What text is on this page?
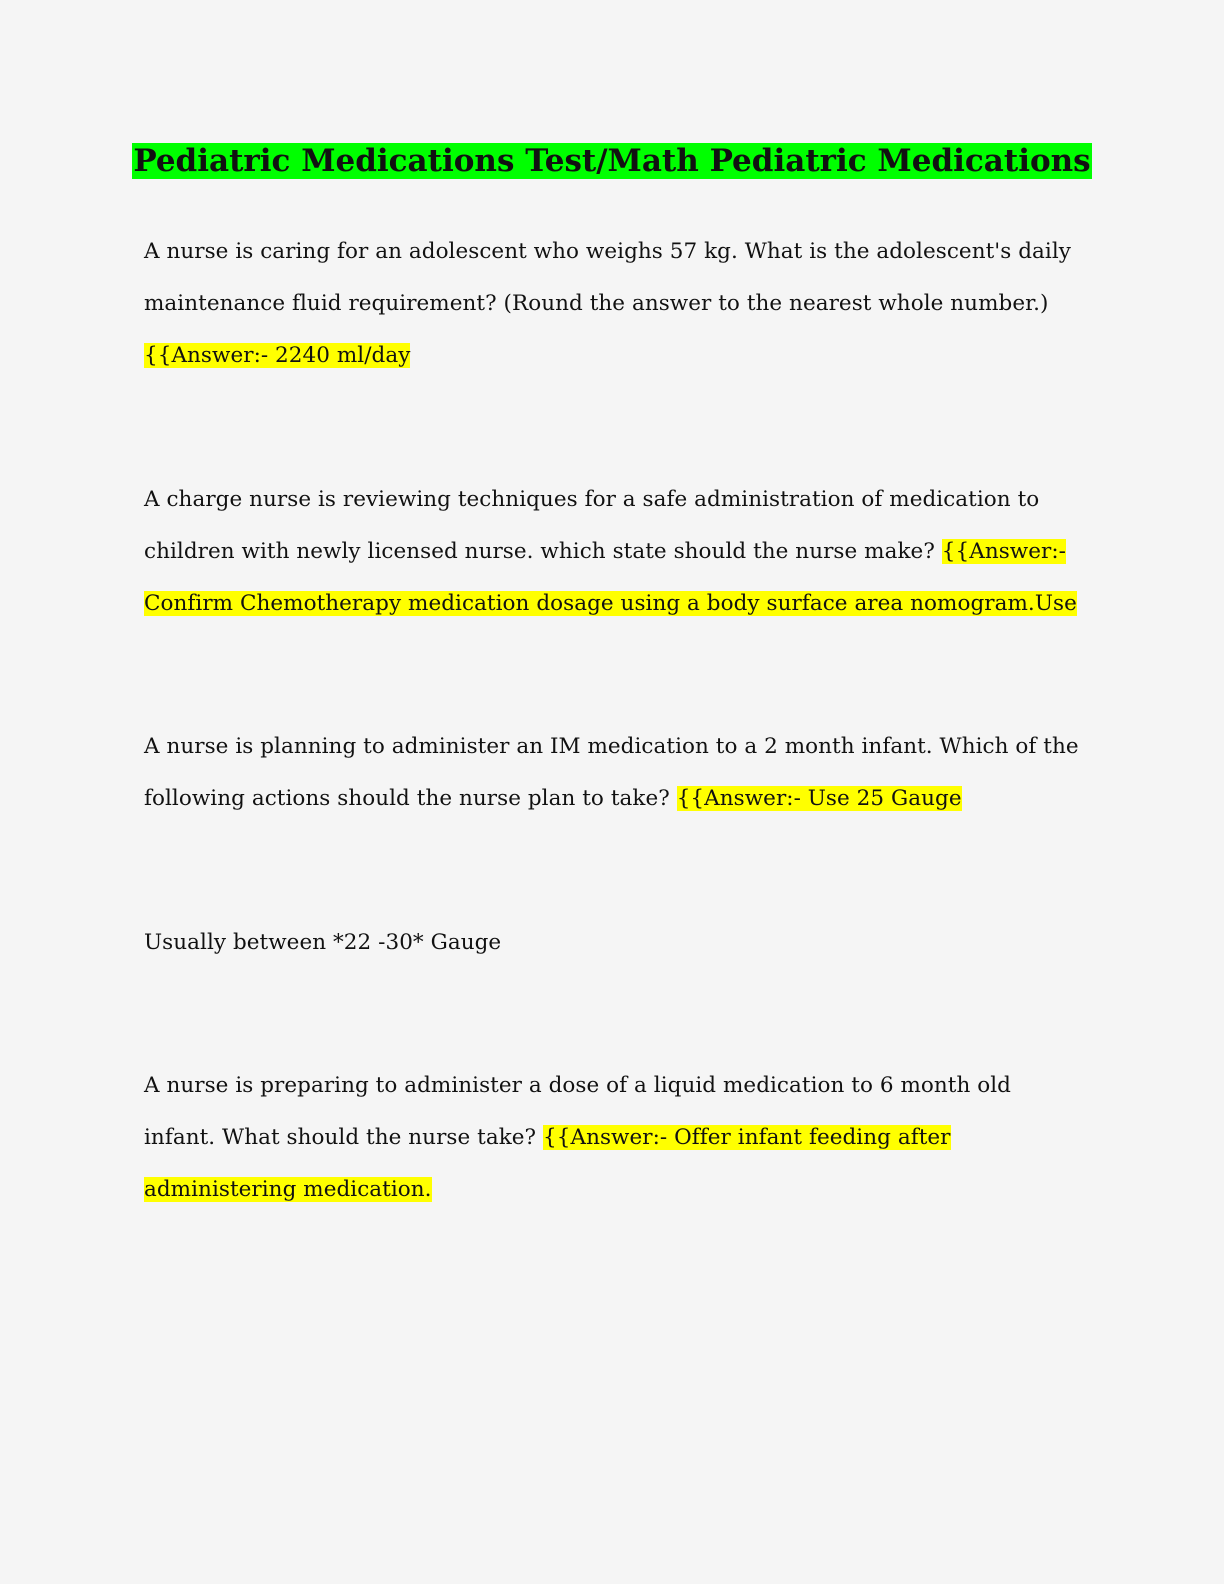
Pediatric Medications Test/Math Pediatric Medications

A nurse is caring for an adolescent who weighs 57 kg. What is the adolescent's daily maintenance fluid requirement? (Round the answer to the nearest whole number.)
{{Answer:- 2240 ml/day

A charge nurse is reviewing techniques for a safe administration of medication to children with newly licensed nurse. which state should the nurse make? {{Answer:- Confirm Chemotherapy medication dosage using a body surface area nomogram.Use

A nurse is planning to administer an IM medication to a 2 month infant. Which of the following actions should the nurse plan to take? {{Answer:- Use 25 Gauge

Usually between *22 -30* Gauge

A nurse is preparing to administer a dose of a liquid medication to 6 month old infant. What should the nurse take? {{Answer:- Offer infant feeding after administering medication.
